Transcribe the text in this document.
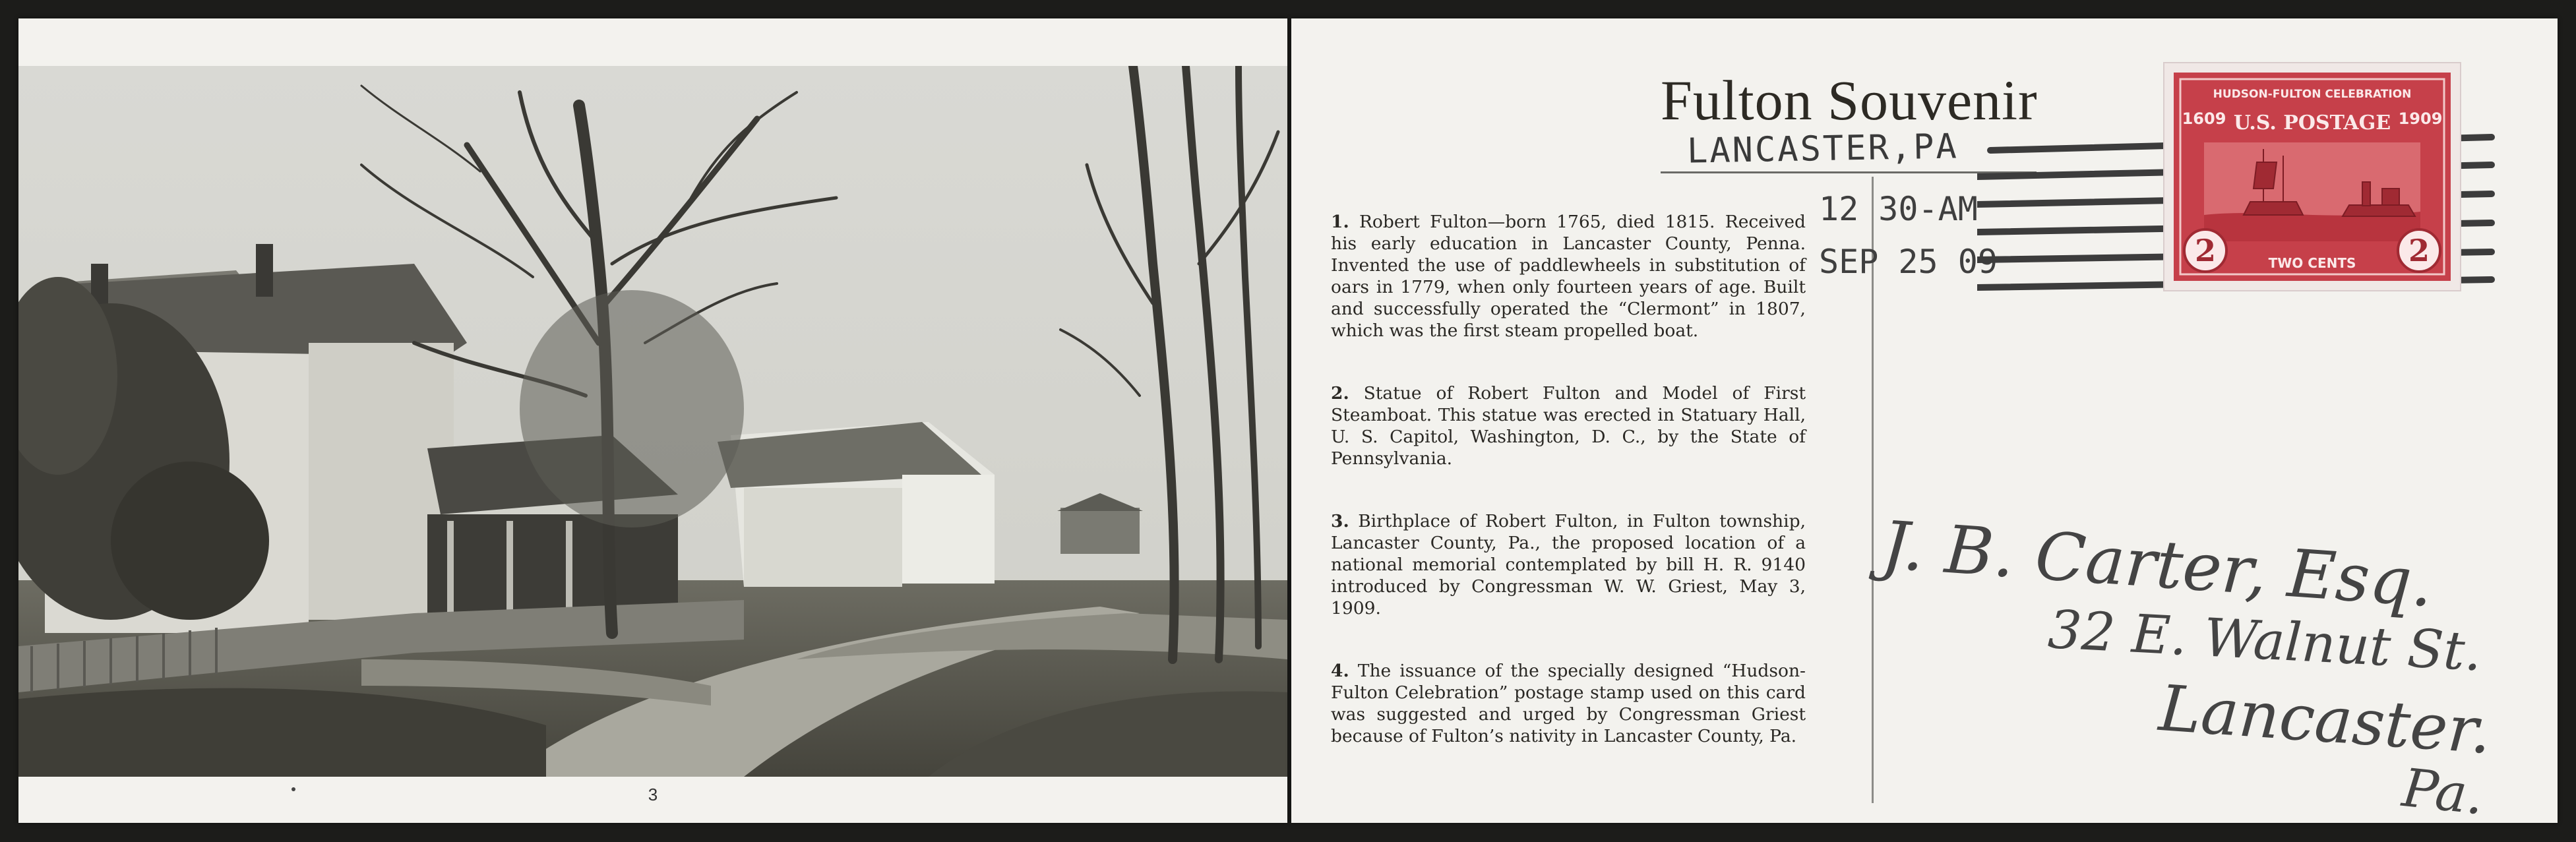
3
Fulton Souvenir

1. Robert Fulton—born 1765, died 1815. Received his early education in Lancaster County, Penna. Invented the use of paddlewheels in substitution of oars in 1779, when only fourteen years of age. Built and successfully operated the “Clermont” in 1807, which was the first steam propelled boat.

2. Statue of Robert Fulton and Model of First Steamboat. This statue was erected in Statuary Hall, U. S. Capitol, Washington, D. C., by the State of Pennsylvania.

3. Birthplace of Robert Fulton, in Fulton township, Lancaster County, Pa., the proposed location of a national memorial contemplated by bill H. R. 9140 introduced by Congressman W. W. Griest, May 3, 1909.

4. The issuance of the specially designed “Hudson-Fulton Celebration” postage stamp used on this card was suggested and urged by Congressman Griest because of Fulton’s nativity in Lancaster County, Pa.

LANCASTER,PA
12 30-AM
SEP 25 09	2	2
HUDSON-FULTON CELEBRATION
1609	1909
U.S. POSTAGE
TWO CENTS
J. B. Carter, Esq.
32 E. Walnut St.
Lancaster.
Pa.
